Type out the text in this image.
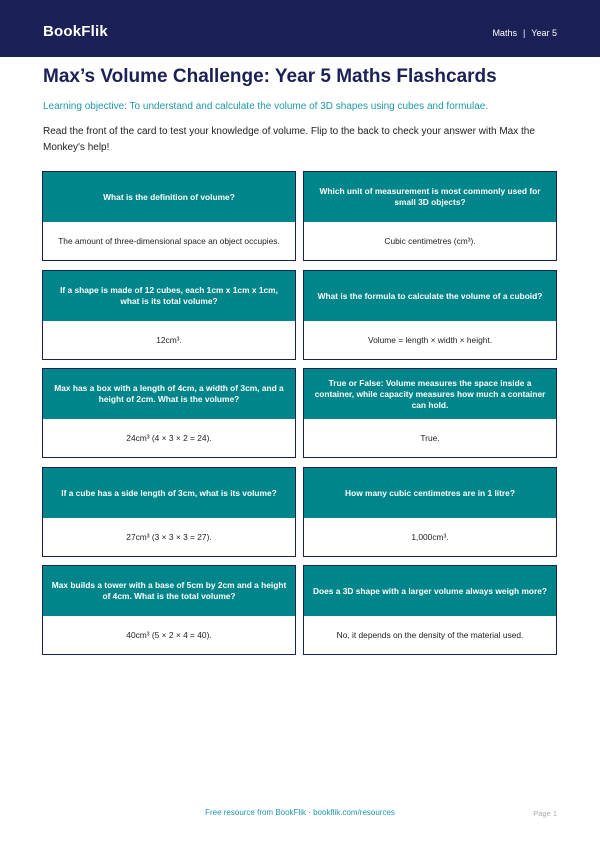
BookFlik	Maths | Year 5
Max’s Volume Challenge: Year 5 Maths Flashcards

Learning objective: To understand and calculate the volume of 3D shapes using cubes and formulae.

Read the front of the card to test your knowledge of volume. Flip to the back to check your answer with Max the Monkey's help!

What is the definition of volume?
The amount of three-dimensional space an object occupies.
Which unit of measurement is most commonly used for small 3D objects?
Cubic centimetres (cm³).
If a shape is made of 12 cubes, each 1cm x 1cm x 1cm, what is its total volume?
12cm³.
What is the formula to calculate the volume of a cuboid?
Volume = length × width × height.
Max has a box with a length of 4cm, a width of 3cm, and a height of 2cm. What is the volume?
24cm³ (4 × 3 × 2 = 24).
True or False: Volume measures the space inside a container, while capacity measures how much a container can hold.
True.
If a cube has a side length of 3cm, what is its volume?
27cm³ (3 × 3 × 3 = 27).
How many cubic centimetres are in 1 litre?
1,000cm³.
Max builds a tower with a base of 5cm by 2cm and a height of 4cm. What is the total volume?
40cm³ (5 × 2 × 4 = 40).
Does a 3D shape with a larger volume always weigh more?
No, it depends on the density of the material used.
Free resource from BookFlik · bookflik.com/resources	Page 1
